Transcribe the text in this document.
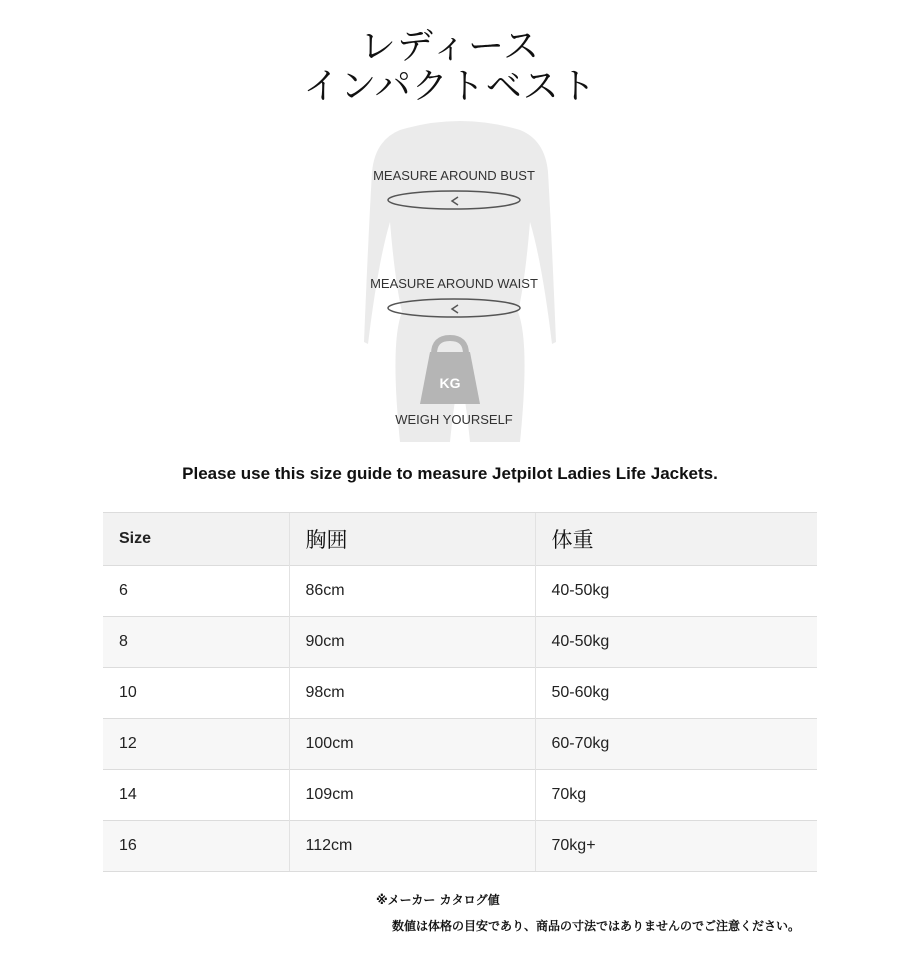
レディース
インパクトベスト
MEASURE AROUND BUST
MEASURE AROUND WAIST
KG
WEIGH YOURSELF
Please use this size guide to measure Jetpilot Ladies Life Jackets.
Size	胸囲	体重
6	86cm	40-50kg
8	90cm	40-50kg
10	98cm	50-60kg
12	100cm	60-70kg
14	109cm	70kg
16	112cm	70kg+
※メーカー カタログ値
数値は体格の目安であり、商品の寸法ではありませんのでご注意ください。
